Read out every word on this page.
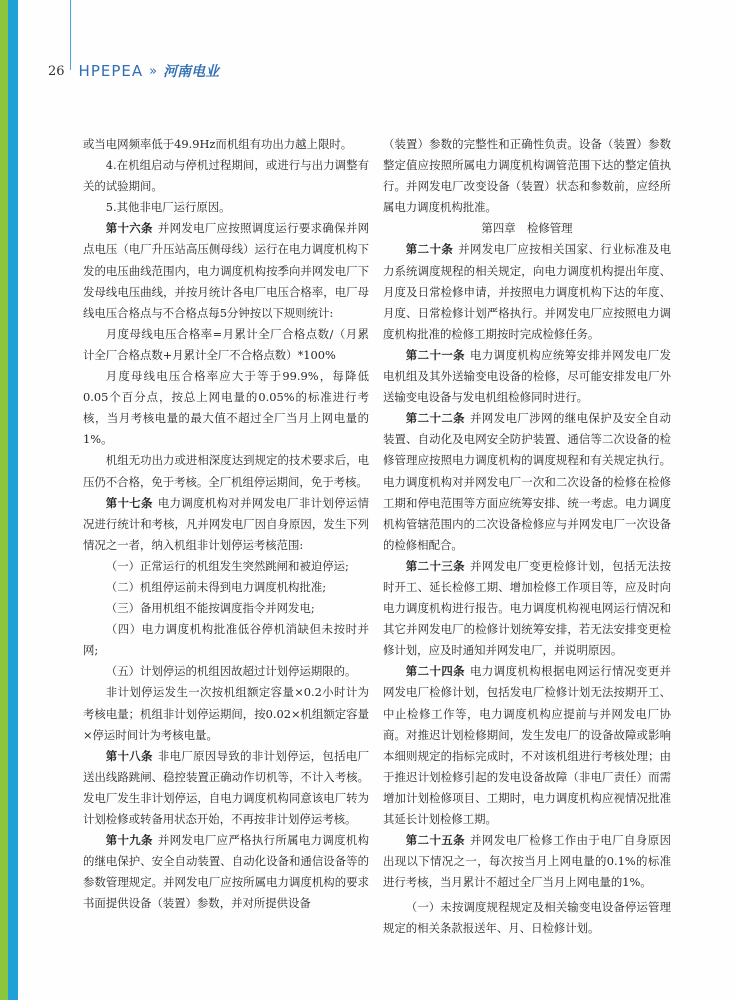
26 HPEPEA » 河南电业

或当电网频率低于49.9Hz而机组有功出力越上限时。

4.在机组启动与停机过程期间，或进行与出力调整有关的试验期间。

5.其他非电厂运行原因。

第十六条 并网发电厂应按照调度运行要求确保并网点电压（电厂升压站高压侧母线）运行在电力调度机构下发的电压曲线范围内，电力调度机构按季向并网发电厂下发母线电压曲线，并按月统计各电厂电压合格率，电厂母线电压合格点与不合格点每5分钟按以下规则统计:

月度母线电压合格率=月累计全厂合格点数/（月累计全厂合格点数+月累计全厂不合格点数）*100%

月度母线电压合格率应大于等于99.9%，每降低0.05个百分点，按总上网电量的0.05%的标准进行考核，当月考核电量的最大值不超过全厂当月上网电量的1%。

机组无功出力或进相深度达到规定的技术要求后，电压仍不合格，免于考核。全厂机组停运期间，免于考核。

第十七条 电力调度机构对并网发电厂非计划停运情况进行统计和考核，凡并网发电厂因自身原因，发生下列情况之一者，纳入机组非计划停运考核范围:

（一）正常运行的机组发生突然跳闸和被迫停运;

（二）机组停运前未得到电力调度机构批准;

（三）备用机组不能按调度指令并网发电;

（四）电力调度机构批准低谷停机消缺但未按时并网;

（五）计划停运的机组因故超过计划停运期限的。

非计划停运发生一次按机组额定容量×0.2小时计为考核电量；机组非计划停运期间，按0.02×机组额定容量×停运时间计为考核电量。

第十八条 非电厂原因导致的非计划停运，包括电厂送出线路跳闸、稳控装置正确动作切机等，不计入考核。发电厂发生非计划停运，自电力调度机构同意该电厂转为计划检修或转备用状态开始，不再按非计划停运考核。

第十九条 并网发电厂应严格执行所属电力调度机构的继电保护、安全自动装置、自动化设备和通信设备等的参数管理规定。并网发电厂应按所属电力调度机构的要求书面提供设备（装置）参数，并对所提供设备

（装置）参数的完整性和正确性负责。设备（装置）参数整定值应按照所属电力调度机构调管范围下达的整定值执行。并网发电厂改变设备（装置）状态和参数前，应经所属电力调度机构批准。

第四章　检修管理

第二十条 并网发电厂应按相关国家、行业标准及电力系统调度规程的相关规定，向电力调度机构提出年度、月度及日常检修申请，并按照电力调度机构下达的年度、月度、日常检修计划严格执行。并网发电厂应按照电力调度机构批准的检修工期按时完成检修任务。

第二十一条 电力调度机构应统筹安排并网发电厂发电机组及其外送输变电设备的检修，尽可能安排发电厂外送输变电设备与发电机组检修同时进行。

第二十二条 并网发电厂涉网的继电保护及安全自动装置、自动化及电网安全防护装置、通信等二次设备的检修管理应按照电力调度机构的调度规程和有关规定执行。电力调度机构对并网发电厂一次和二次设备的检修在检修工期和停电范围等方面应统筹安排、统一考虑。电力调度机构管辖范围内的二次设备检修应与并网发电厂一次设备的检修相配合。

第二十三条 并网发电厂变更检修计划，包括无法按时开工、延长检修工期、增加检修工作项目等，应及时向电力调度机构进行报告。电力调度机构视电网运行情况和其它并网发电厂的检修计划统筹安排，若无法安排变更检修计划，应及时通知并网发电厂，并说明原因。

第二十四条 电力调度机构根据电网运行情况变更并网发电厂检修计划，包括发电厂检修计划无法按期开工、中止检修工作等，电力调度机构应提前与并网发电厂协商。对推迟计划检修期间，发生发电厂的设备故障或影响本细则规定的指标完成时，不对该机组进行考核处理；由于推迟计划检修引起的发电设备故障（非电厂责任）而需增加计划检修项目、工期时，电力调度机构应视情况批准其延长计划检修工期。

第二十五条 并网发电厂检修工作由于电厂自身原因出现以下情况之一，每次按当月上网电量的0.1%的标准进行考核，当月累计不超过全厂当月上网电量的1%。

（一）未按调度规程规定及相关输变电设备停运管理规定的相关条款报送年、月、日检修计划。
